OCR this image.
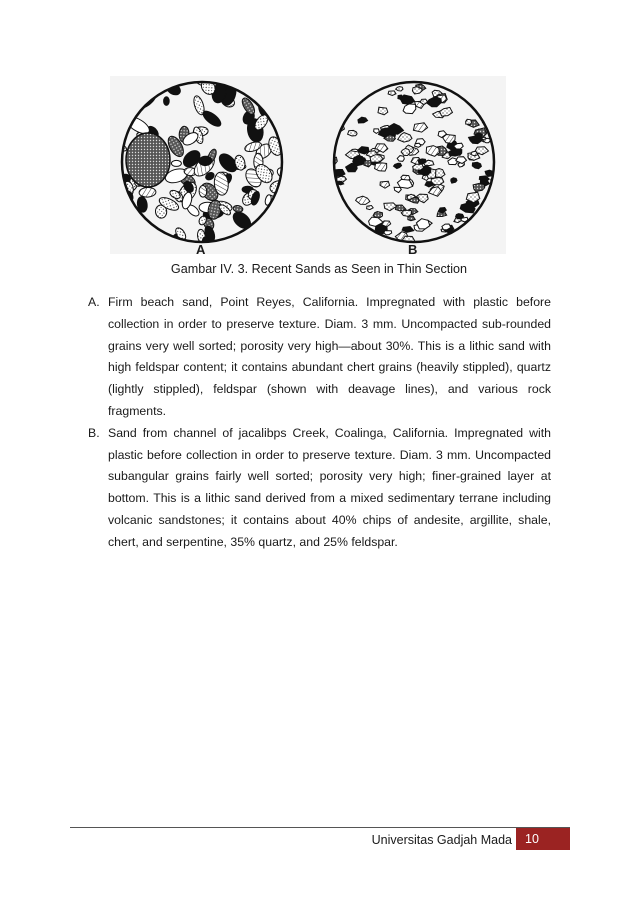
A	B
Gambar IV. 3. Recent Sands as Seen in Thin Section
A. Firm beach sand, Point Reyes, California. Impregnated with plastic before collection in order to preserve texture. Diam. 3 mm. Uncompacted sub-rounded grains very well sorted; porosity very high—about 30%. This is a lithic sand with high feldspar content; it contains abundant chert grains (heavily stippled), quartz (lightly stippled), feldspar (shown with deavage lines), and various rock fragments.
B. Sand from channel of jacalibps Creek, Coalinga, California. Impregnated with plastic before collection in order to preserve texture. Diam. 3 mm. Uncompacted subangular grains fairly well sorted; porosity very high; finer-grained layer at bottom. This is a lithic sand derived from a mixed sedimentary terrane including volcanic sandstones; it contains about 40% chips of andesite, argillite, shale, chert, and serpentine, 35% quartz, and 25% feldspar.
Universitas Gadjah Mada	10
